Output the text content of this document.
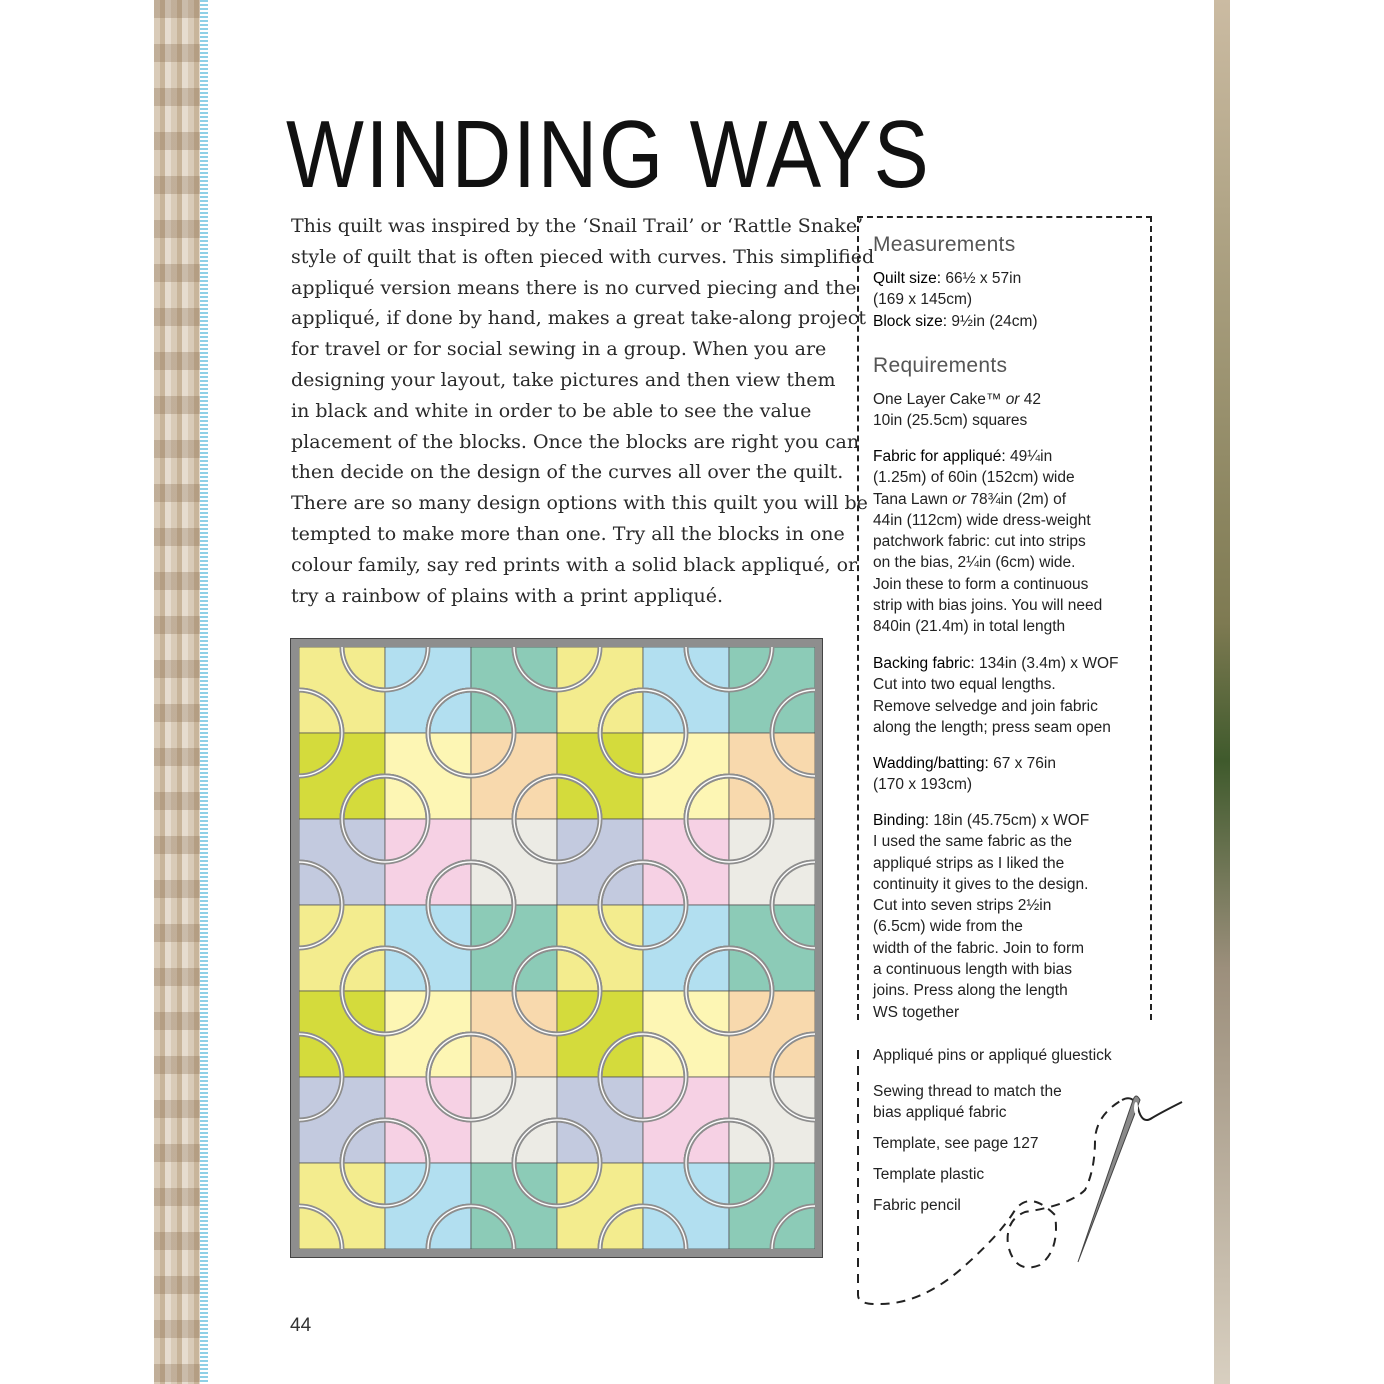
WINDING WAYS

This quilt was inspired by the ‘Snail Trail’ or ‘Rattle Snake’
style of quilt that is often pieced with curves. This simplified
appliqué version means there is no curved piecing and the
appliqué, if done by hand, makes a great take-along project
for travel or for social sewing in a group. When you are
designing your layout, take pictures and then view them
in black and white in order to be able to see the value
placement of the blocks. Once the blocks are right you can
then decide on the design of the curves all over the quilt.
There are so many design options with this quilt you will be
tempted to make more than one. Try all the blocks in one
colour family, say red prints with a solid black appliqué, or
try a rainbow of plains with a print appliqué.

Measurements
Quilt size: 66½ x 57in
(169 x 145cm)
Block size: 9½in (24cm)
Requirements
One Layer Cake™ or 42
10in (25.5cm) squares
Fabric for appliqué: 49¼in
(1.25m) of 60in (152cm) wide
Tana Lawn or 78¾in (2m) of
44in (112cm) wide dress-weight
patchwork fabric: cut into strips
on the bias, 2¼in (6cm) wide.
Join these to form a continuous
strip with bias joins. You will need
840in (21.4m) in total length
Backing fabric: 134in (3.4m) x WOF
Cut into two equal lengths.
Remove selvedge and join fabric
along the length; press seam open
Wadding/batting: 67 x 76in
(170 x 193cm)
Binding: 18in (45.75cm) x WOF
I used the same fabric as the
appliqué strips as I liked the
continuity it gives to the design.
Cut into seven strips 2½in
(6.5cm) wide from the
width of the fabric. Join to form
a continuous length with bias
joins. Press along the length
WS together
Appliqué pins or appliqué gluestick
Sewing thread to match the
bias appliqué fabric
Template, see page 127
Template plastic
Fabric pencil
44
